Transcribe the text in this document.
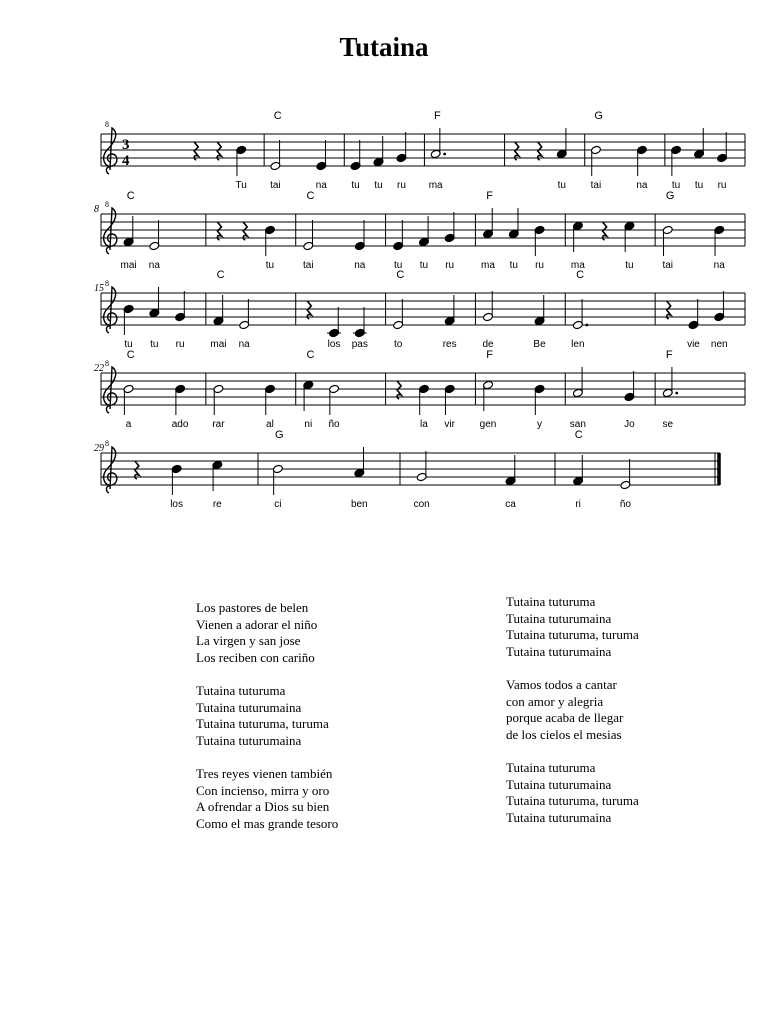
Tutaina
3
4
C	F	G
Tu tai	na tu tu ru ma	tu tai	na tu tu ru
8
8
C	C	F	G
mai na	tu	tai	na	tu tu ru	ma tu ru	ma	tu	tai	na
8
15
C	C	C
tu tu ru	mai na	los pas	to	res	de	Be	len	vie nen
8
22
C	C	F	F
a	ado rar	al	ni ño	la vir gen	y	san	Jo	se
8
29
G	C
los	re	ci	ben	con	ca	ri	ño
8
Los pastores de belen
Vienen a adorar el niño
La virgen y san jose
Los reciben con cariño
Tutaina tuturuma
Tutaina tuturumaina
Tutaina tuturuma, turuma
Tutaina tuturumaina
Tres reyes vienen también
Con incienso, mirra y oro
A ofrendar a Dios su bien
Como el mas grande tesoro
Tutaina tuturuma
Tutaina tuturumaina
Tutaina tuturuma, turuma
Tutaina tuturumaina
Vamos todos a cantar
con amor y alegria
porque acaba de llegar
de los cielos el mesias
Tutaina tuturuma
Tutaina tuturumaina
Tutaina tuturuma, turuma
Tutaina tuturumaina
